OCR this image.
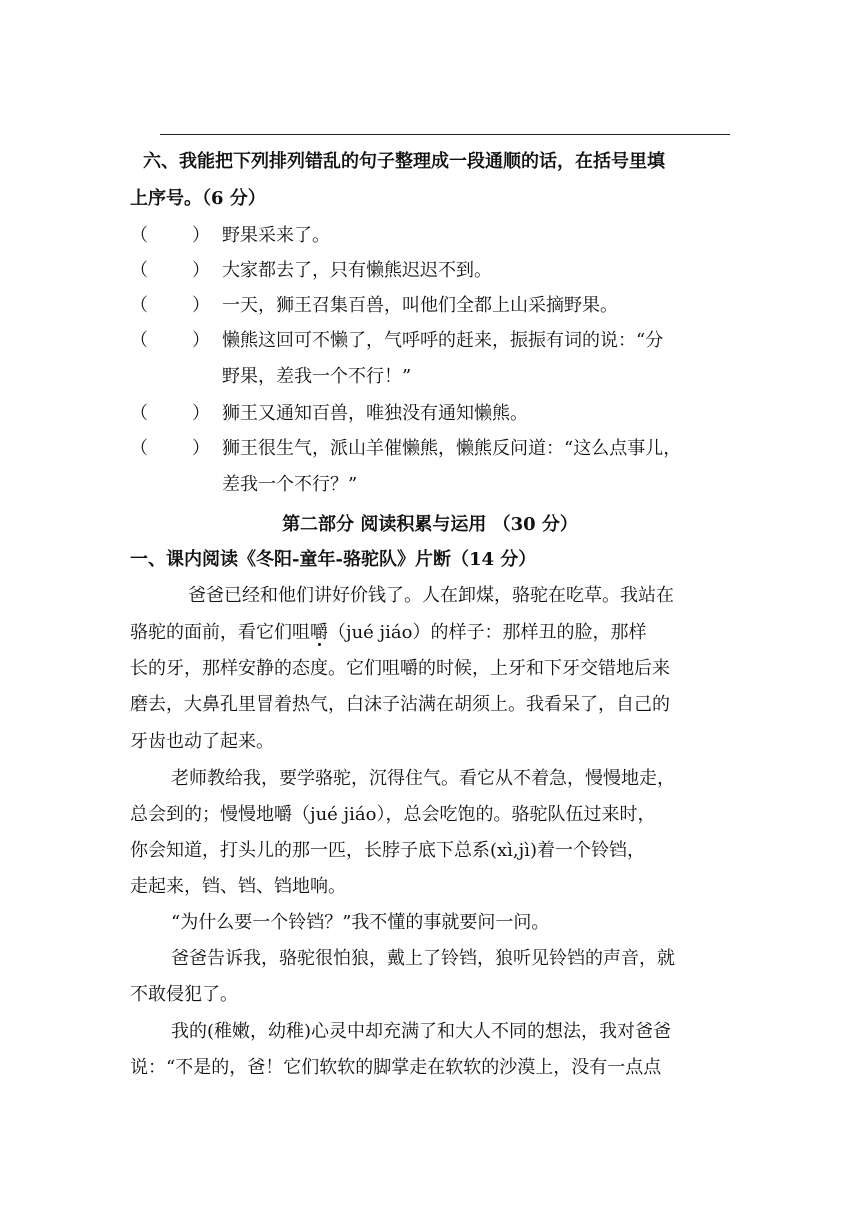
六、我能把下列排列错乱的句子整理成一段通顺的话，在括号里填
上序号。（6 分）
（ ） 野果采来了。
（ ） 大家都去了，只有懒熊迟迟不到。
（ ） 一天，狮王召集百兽，叫他们全都上山采摘野果。
（ ） 懒熊这回可不懒了，气呼呼的赶来，振振有词的说：“分
野果，差我一个不行！”
（ ） 狮王又通知百兽，唯独没有通知懒熊。
（ ） 狮王很生气，派山羊催懒熊，懒熊反问道：“这么点事儿，
差我一个不行？”
第二部分 阅读积累与运用 （30 分）
一、课内阅读《冬阳-童年-骆驼队》片断（14 分）
爸爸已经和他们讲好价钱了。人在卸煤，骆驼在吃草。我站在
骆驼的面前，看它们咀嚼（jué jiáo）的样子：那样丑的脸，那样
长的牙，那样安静的态度。它们咀嚼的时候，上牙和下牙交错地后来
磨去，大鼻孔里冒着热气，白沫子沾满在胡须上。我看呆了，自己的
牙齿也动了起来。
老师教给我，要学骆驼，沉得住气。看它从不着急，慢慢地走，
总会到的；慢慢地嚼（jué jiáo），总会吃饱的。骆驼队伍过来时，
你会知道，打头儿的那一匹，长脖子底下总系(xì,jì)着一个铃铛，
走起来，铛、铛、铛地响。
“为什么要一个铃铛？”我不懂的事就要问一问。
爸爸告诉我，骆驼很怕狼，戴上了铃铛，狼听见铃铛的声音，就
不敢侵犯了。
我的(稚嫩，幼稚)心灵中却充满了和大人不同的想法，我对爸爸
说：“不是的，爸！它们软软的脚掌走在软软的沙漠上，没有一点点
